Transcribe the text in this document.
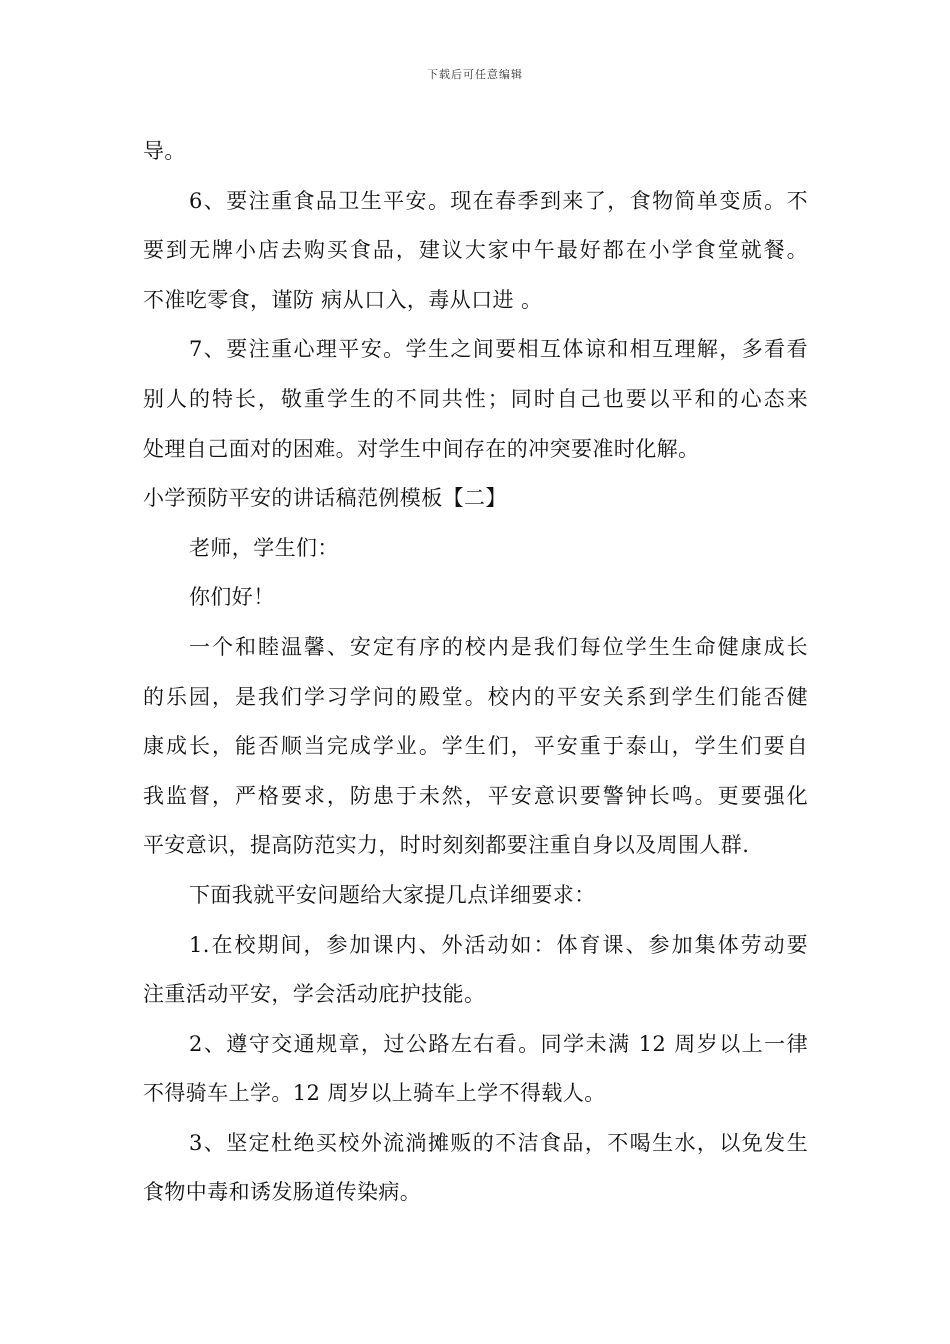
下载后可任意编辑
导。
6、要注重食品卫生平安。现在春季到来了，食物简单变质。不
要到无牌小店去购买食品，建议大家中午最好都在小学食堂就餐。
不准吃零食，谨防 病从口入，毒从口进 。
7、要注重心理平安。学生之间要相互体谅和相互理解，多看看
别人的特长，敬重学生的不同共性；同时自己也要以平和的心态来
处理自己面对的困难。对学生中间存在的冲突要准时化解。
小学预防平安的讲话稿范例模板【二】
老师，学生们：
你们好！
一个和睦温馨、安定有序的校内是我们每位学生生命健康成长
的乐园，是我们学习学问的殿堂。校内的平安关系到学生们能否健
康成长，能否顺当完成学业。学生们，平安重于泰山，学生们要自
我监督，严格要求，防患于未然，平安意识要警钟长鸣。更要强化
平安意识，提高防范实力，时时刻刻都要注重自身以及周围人群.
下面我就平安问题给大家提几点详细要求：
1.在校期间，参加课内、外活动如：体育课、参加集体劳动要
注重活动平安，学会活动庇护技能。
2、遵守交通规章，过公路左右看。同学未满 12 周岁以上一律
不得骑车上学。12 周岁以上骑车上学不得载人。
3、坚定杜绝买校外流淌摊贩的不洁食品，不喝生水，以免发生
食物中毒和诱发肠道传染病。
